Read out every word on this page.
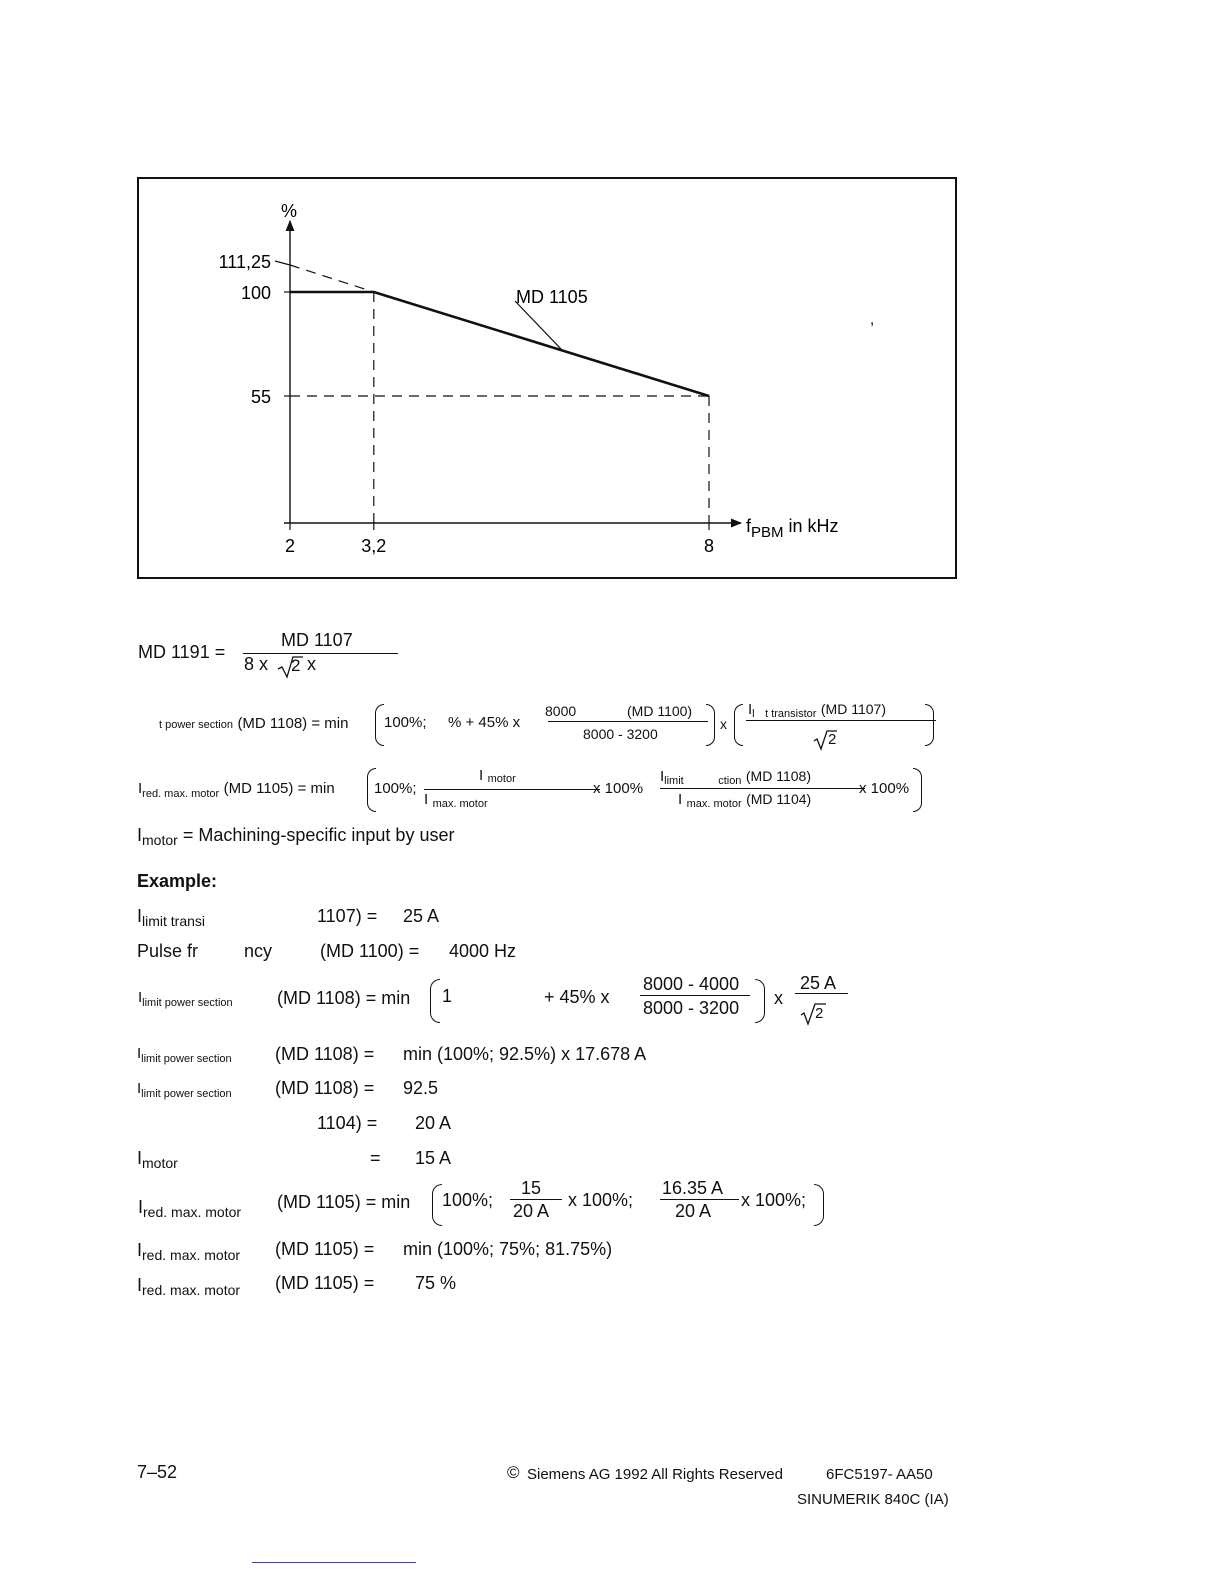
111,25
100
55
2	3,2	8
MD 1105
%
$f_{PBM}$ in kHz
,
MD 1191 =
MD 1107
8 x 2 x
t power section (MD 1108) = min 100%; % + 45% x
8000	(MD 1100)
8000 - 3200
x
Il t transistor (MD 1107)
2
$I_{red. max. motor}$ (MD 1105) = min	100%;
I motor
I max. motor
x 100%
Ilimit	ction (MD 1108)
I max. motor (MD 1104)
x 100%
$I_{motor}$ = Machining-specific input by user
Example:
$I_{limit transi}$	1107) = 25 A
Pulse fr	ncy	(MD 1100) = 4000 Hz
$I_{limit power section}$ (MD 1108) = min 1	+ 45% x
8000 - 4000
8000 - 3200 x
25 A
2
$I_{limit power section}$ (MD 1108) = min (100%; 92.5%) x 17.678 A
$I_{limit power section}$ (MD 1108) = 92.5
1104) = 20 A
$I_{motor}$	= 15 A
$I_{red. max. motor}$ (MD 1105) = min 100%;
15
20 A
x 100%;
16.35 A
20 A
x 100%;
$I_{red. max. motor}$ (MD 1105) = min (100%; 75%; 81.75%)
$I_{red. max. motor}$ (MD 1105) = 75 %
7–52	© Siemens AG 1992 All Rights Reserved	6FC5197- AA50
SINUMERIK 840C (IA)
